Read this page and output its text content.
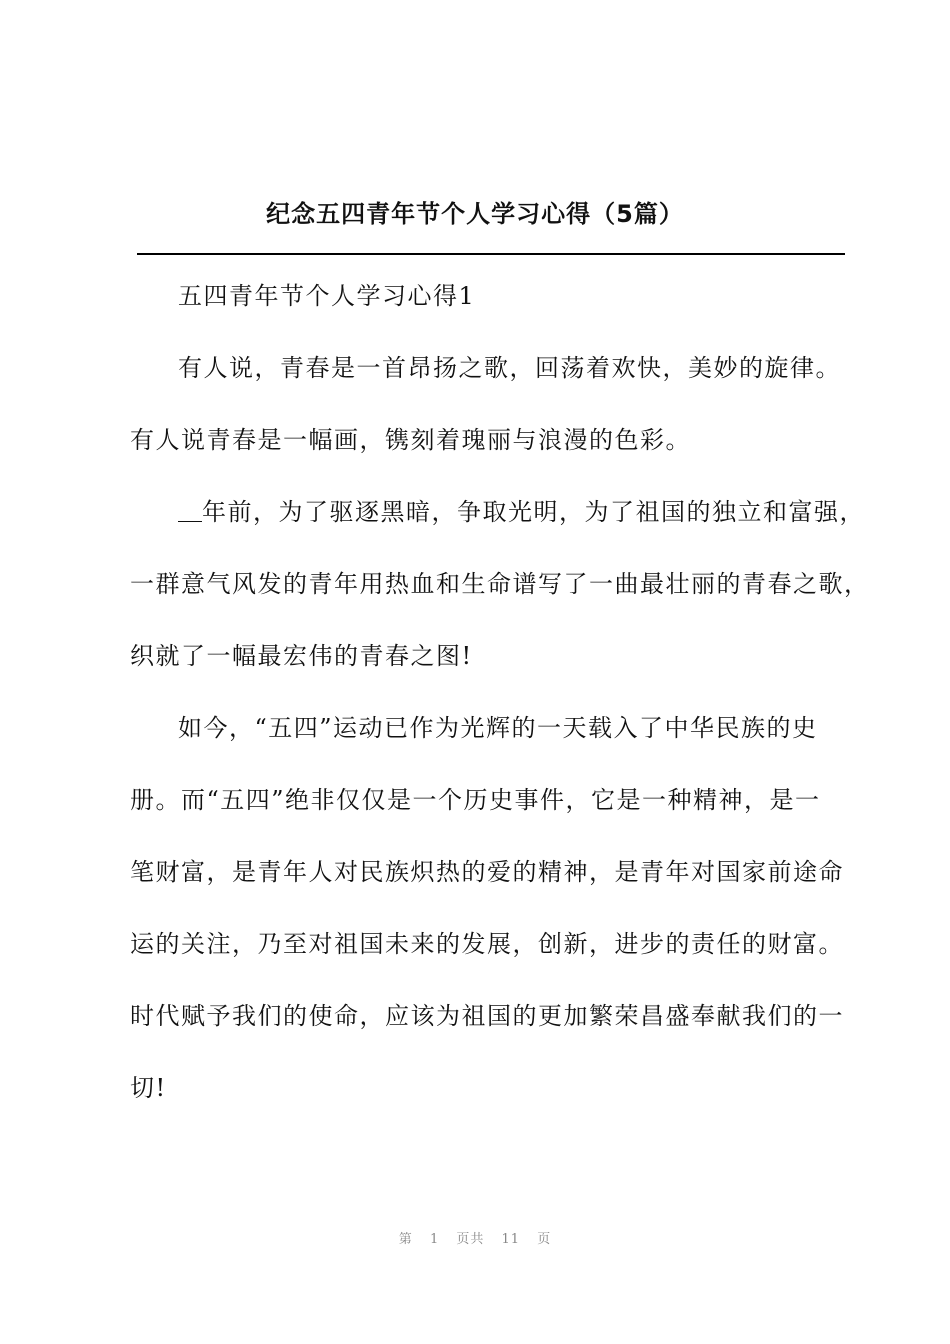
纪念五四青年节个人学习心得（5篇）
五四青年节个人学习心得1
有人说，青春是一首昂扬之歌，回荡着欢快，美妙的旋律。
有人说青春是一幅画，镌刻着瑰丽与浪漫的色彩。
年前，为了驱逐黑暗，争取光明，为了祖国的独立和富强，
一群意气风发的青年用热血和生命谱写了一曲最壮丽的青春之歌，
织就了一幅最宏伟的青春之图!
如今，“五四”运动已作为光辉的一天载入了中华民族的史
册。而“五四”绝非仅仅是一个历史事件，它是一种精神，是一
笔财富，是青年人对民族炽热的爱的精神，是青年对国家前途命
运的关注，乃至对祖国未来的发展，创新，进步的责任的财富。
时代赋予我们的使命，应该为祖国的更加繁荣昌盛奉献我们的一
切!
第 1 页共 11 页
